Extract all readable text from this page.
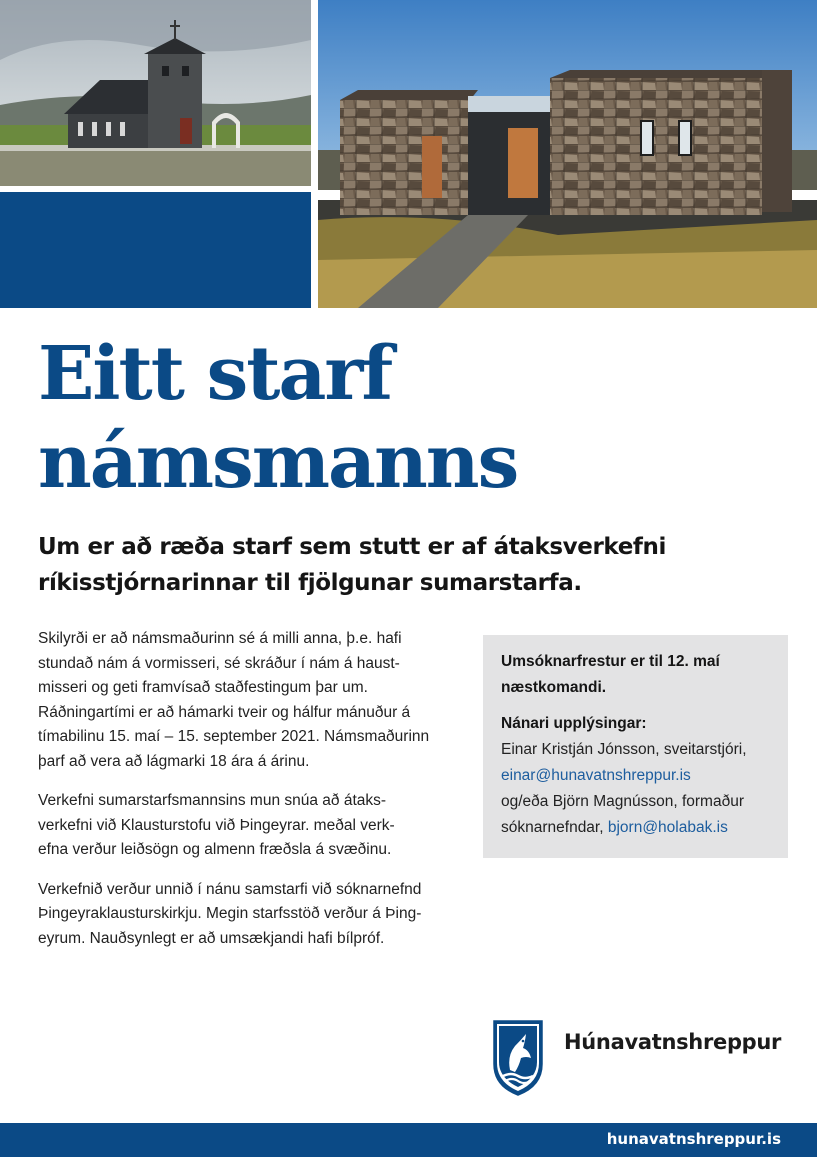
Eitt starf
námsmanns
Um er að ræða starf sem stutt er af átaksverkefni
ríkisstjórnarinnar til fjölgunar sumarstarfa.

Skilyrði er að námsmaðurinn sé á milli anna, þ.e. hafi
stundað nám á vormisseri, sé skráður í nám á haust-
misseri og geti framvísað staðfestingum þar um.
Ráðningartími er að hámarki tveir og hálfur mánuður á
tímabilinu 15. maí – 15. september 2021. Námsmaðurinn
þarf að vera að lágmarki 18 ára á árinu.

Verkefni sumarstarfsmannsins mun snúa að átaks-
verkefni við Klausturstofu við Þingeyrar. meðal verk-
efna verður leiðsögn og almenn fræðsla á svæðinu.

Verkefnið verður unnið í nánu samstarfi við sóknarnefnd
Þingeyraklausturskirkju. Megin starfsstöð verður á Þing-
eyrum. Nauðsynlegt er að umsækjandi hafi bílpróf.

Umsóknarfrestur er til 12. maí
næstkomandi.
Nánari upplýsingar:
Einar Kristján Jónsson, sveitarstjóri,
einar@hunavatnshreppur.is
og/eða Björn Magnússon, formaður
sóknarnefndar, bjorn@holabak.is
Húnavatnshreppur
hunavatnshreppur.is
